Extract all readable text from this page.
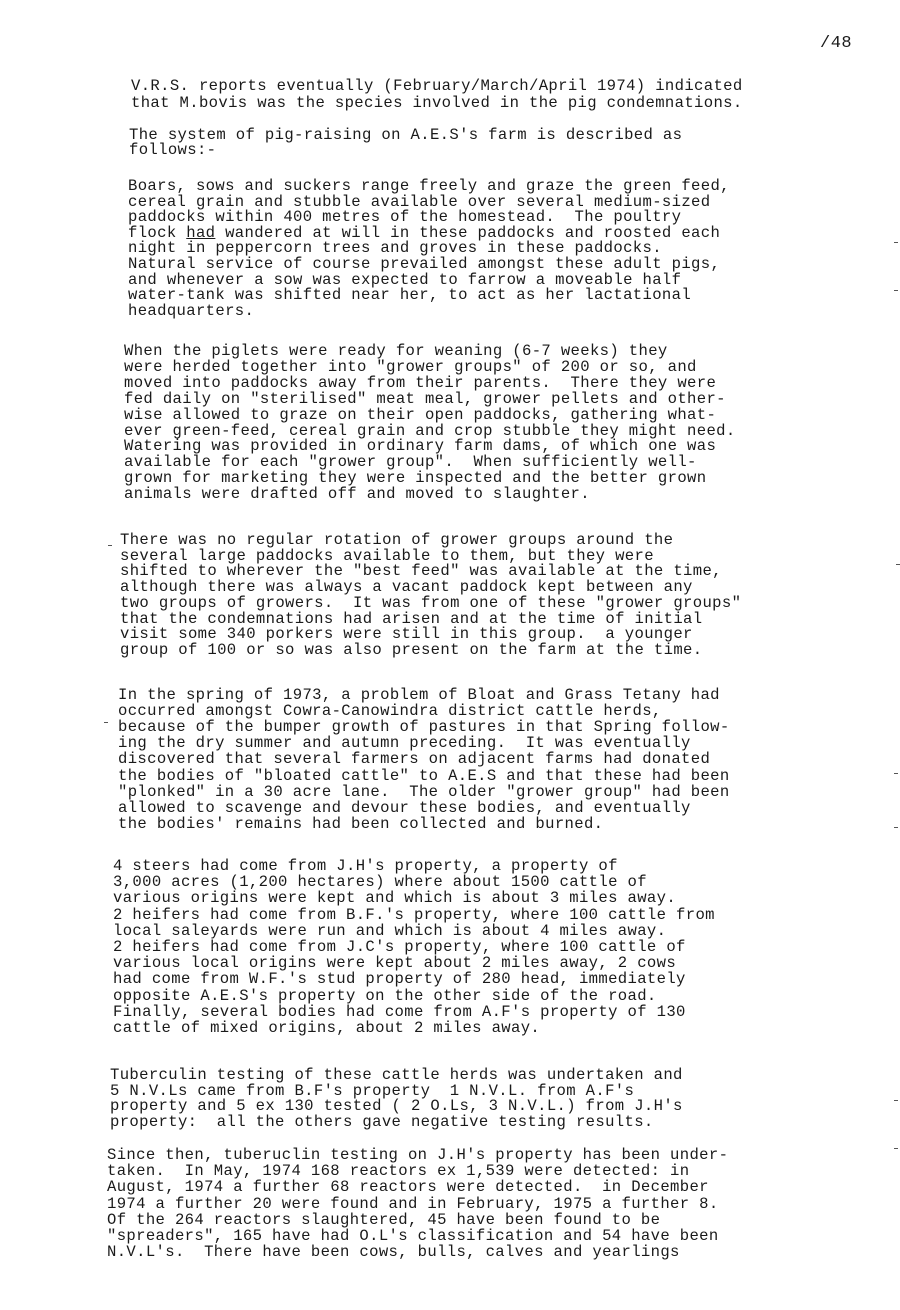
/48
V.R.S. reports eventually (February/March/April 1974) indicated
that M.bovis was the species involved in the pig condemnations.
The system of pig-raising on A.E.S's farm is described as
follows:-
Boars, sows and suckers range freely and graze the green feed,
cereal grain and stubble available over several medium-sized
paddocks within 400 metres of the homestead.  The poultry
flock had wandered at will in these paddocks and roosted each
night in peppercorn trees and groves in these paddocks.
Natural service of course prevailed amongst these adult pigs,
and whenever a sow was expected to farrow a moveable half
water-tank was shifted near her, to act as her lactational
headquarters.
When the piglets were ready for weaning (6-7 weeks) they
were herded together into "grower groups" of 200 or so, and
moved into paddocks away from their parents.  There they were
fed daily on "sterilised" meat meal, grower pellets and other-
wise allowed to graze on their open paddocks, gathering what-
ever green-feed, cereal grain and crop stubble they might need.
Watering was provided in ordinary farm dams, of which one was
available for each "grower group".  When sufficiently well-
grown for marketing they were inspected and the better grown
animals were drafted off and moved to slaughter.
There was no regular rotation of grower groups around the
several large paddocks available to them, but they were
shifted to wherever the "best feed" was available at the time,
although there was always a vacant paddock kept between any
two groups of growers.  It was from one of these "grower groups"
that the condemnations had arisen and at the time of initial
visit some 340 porkers were still in this group.  a younger
group of 100 or so was also present on the farm at the time.
In the spring of 1973, a problem of Bloat and Grass Tetany had
occurred amongst Cowra-Canowindra district cattle herds,
because of the bumper growth of pastures in that Spring follow-
ing the dry summer and autumn preceding.  It was eventually
discovered that several farmers on adjacent farms had donated
the bodies of "bloated cattle" to A.E.S and that these had been
"plonked" in a 30 acre lane.  The older "grower group" had been
allowed to scavenge and devour these bodies, and eventually
the bodies' remains had been collected and burned.
4 steers had come from J.H's property, a property of
3,000 acres (1,200 hectares) where about 1500 cattle of
various origins were kept and which is about 3 miles away.
2 heifers had come from B.F.'s property, where 100 cattle from
local saleyards were run and which is about 4 miles away.
2 heifers had come from J.C's property, where 100 cattle of
various local origins were kept about 2 miles away, 2 cows
had come from W.F.'s stud property of 280 head, immediately
opposite A.E.S's property on the other side of the road.
Finally, several bodies had come from A.F's property of 130
cattle of mixed origins, about 2 miles away.
Tuberculin testing of these cattle herds was undertaken and
5 N.V.Ls came from B.F's property  1 N.V.L. from A.F's
property and 5 ex 130 tested ( 2 O.Ls, 3 N.V.L.) from J.H's
property:  all the others gave negative testing results.
Since then, tuberuclin testing on J.H's property has been under-
taken.  In May, 1974 168 reactors ex 1,539 were detected: in
August, 1974 a further 68 reactors were detected.  in December
1974 a further 20 were found and in February, 1975 a further 8.
Of the 264 reactors slaughtered, 45 have been found to be
"spreaders", 165 have had O.L's classification and 54 have been
N.V.L's.  There have been cows, bulls, calves and yearlings
